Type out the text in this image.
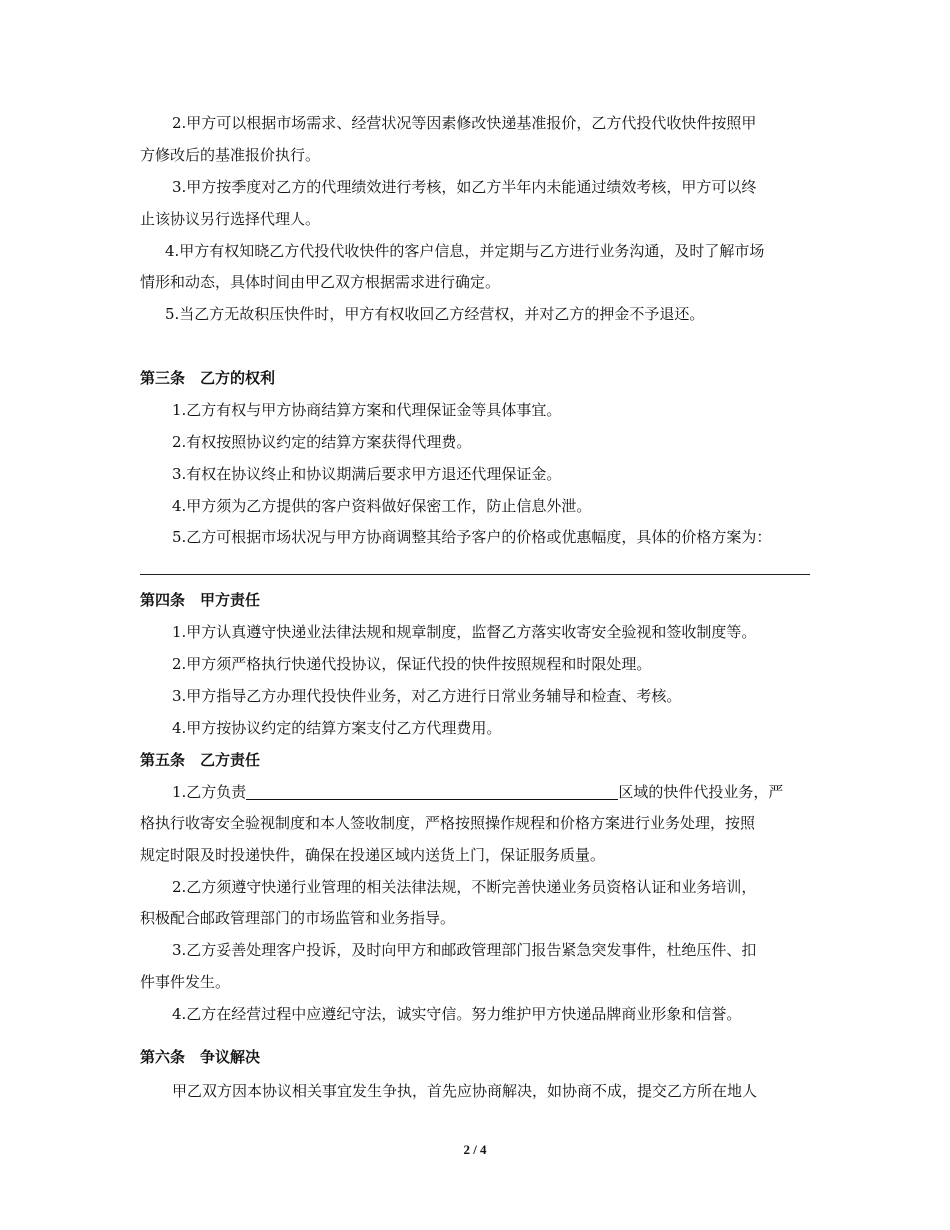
2.甲方可以根据市场需求、经营状况等因素修改快递基准报价，乙方代投代收快件按照甲
方修改后的基准报价执行。
3.甲方按季度对乙方的代理绩效进行考核，如乙方半年内未能通过绩效考核，甲方可以终
止该协议另行选择代理人。
4.甲方有权知晓乙方代投代收快件的客户信息，并定期与乙方进行业务沟通，及时了解市场
情形和动态，具体时间由甲乙双方根据需求进行确定。
5.当乙方无故积压快件时，甲方有权收回乙方经营权，并对乙方的押金不予退还。
第三条　乙方的权利
1.乙方有权与甲方协商结算方案和代理保证金等具体事宜。
2.有权按照协议约定的结算方案获得代理费。
3.有权在协议终止和协议期满后要求甲方退还代理保证金。
4.甲方须为乙方提供的客户资料做好保密工作，防止信息外泄。
5.乙方可根据市场状况与甲方协商调整其给予客户的价格或优惠幅度，具体的价格方案为：
第四条　甲方责任
1.甲方认真遵守快递业法律法规和规章制度，监督乙方落实收寄安全验视和签收制度等。
2.甲方须严格执行快递代投协议，保证代投的快件按照规程和时限处理。
3.甲方指导乙方办理代投快件业务，对乙方进行日常业务辅导和检查、考核。
4.甲方按协议约定的结算方案支付乙方代理费用。
第五条　乙方责任
1.乙方负责	区域的快件代投业务，严
格执行收寄安全验视制度和本人签收制度，严格按照操作规程和价格方案进行业务处理，按照
规定时限及时投递快件，确保在投递区域内送货上门，保证服务质量。
2.乙方须遵守快递行业管理的相关法律法规，不断完善快递业务员资格认证和业务培训，
积极配合邮政管理部门的市场监管和业务指导。
3.乙方妥善处理客户投诉，及时向甲方和邮政管理部门报告紧急突发事件，杜绝压件、扣
件事件发生。
4.乙方在经营过程中应遵纪守法，诚实守信。努力维护甲方快递品牌商业形象和信誉。
第六条　争议解决
甲乙双方因本协议相关事宜发生争执，首先应协商解决，如协商不成，提交乙方所在地人
2 / 4
